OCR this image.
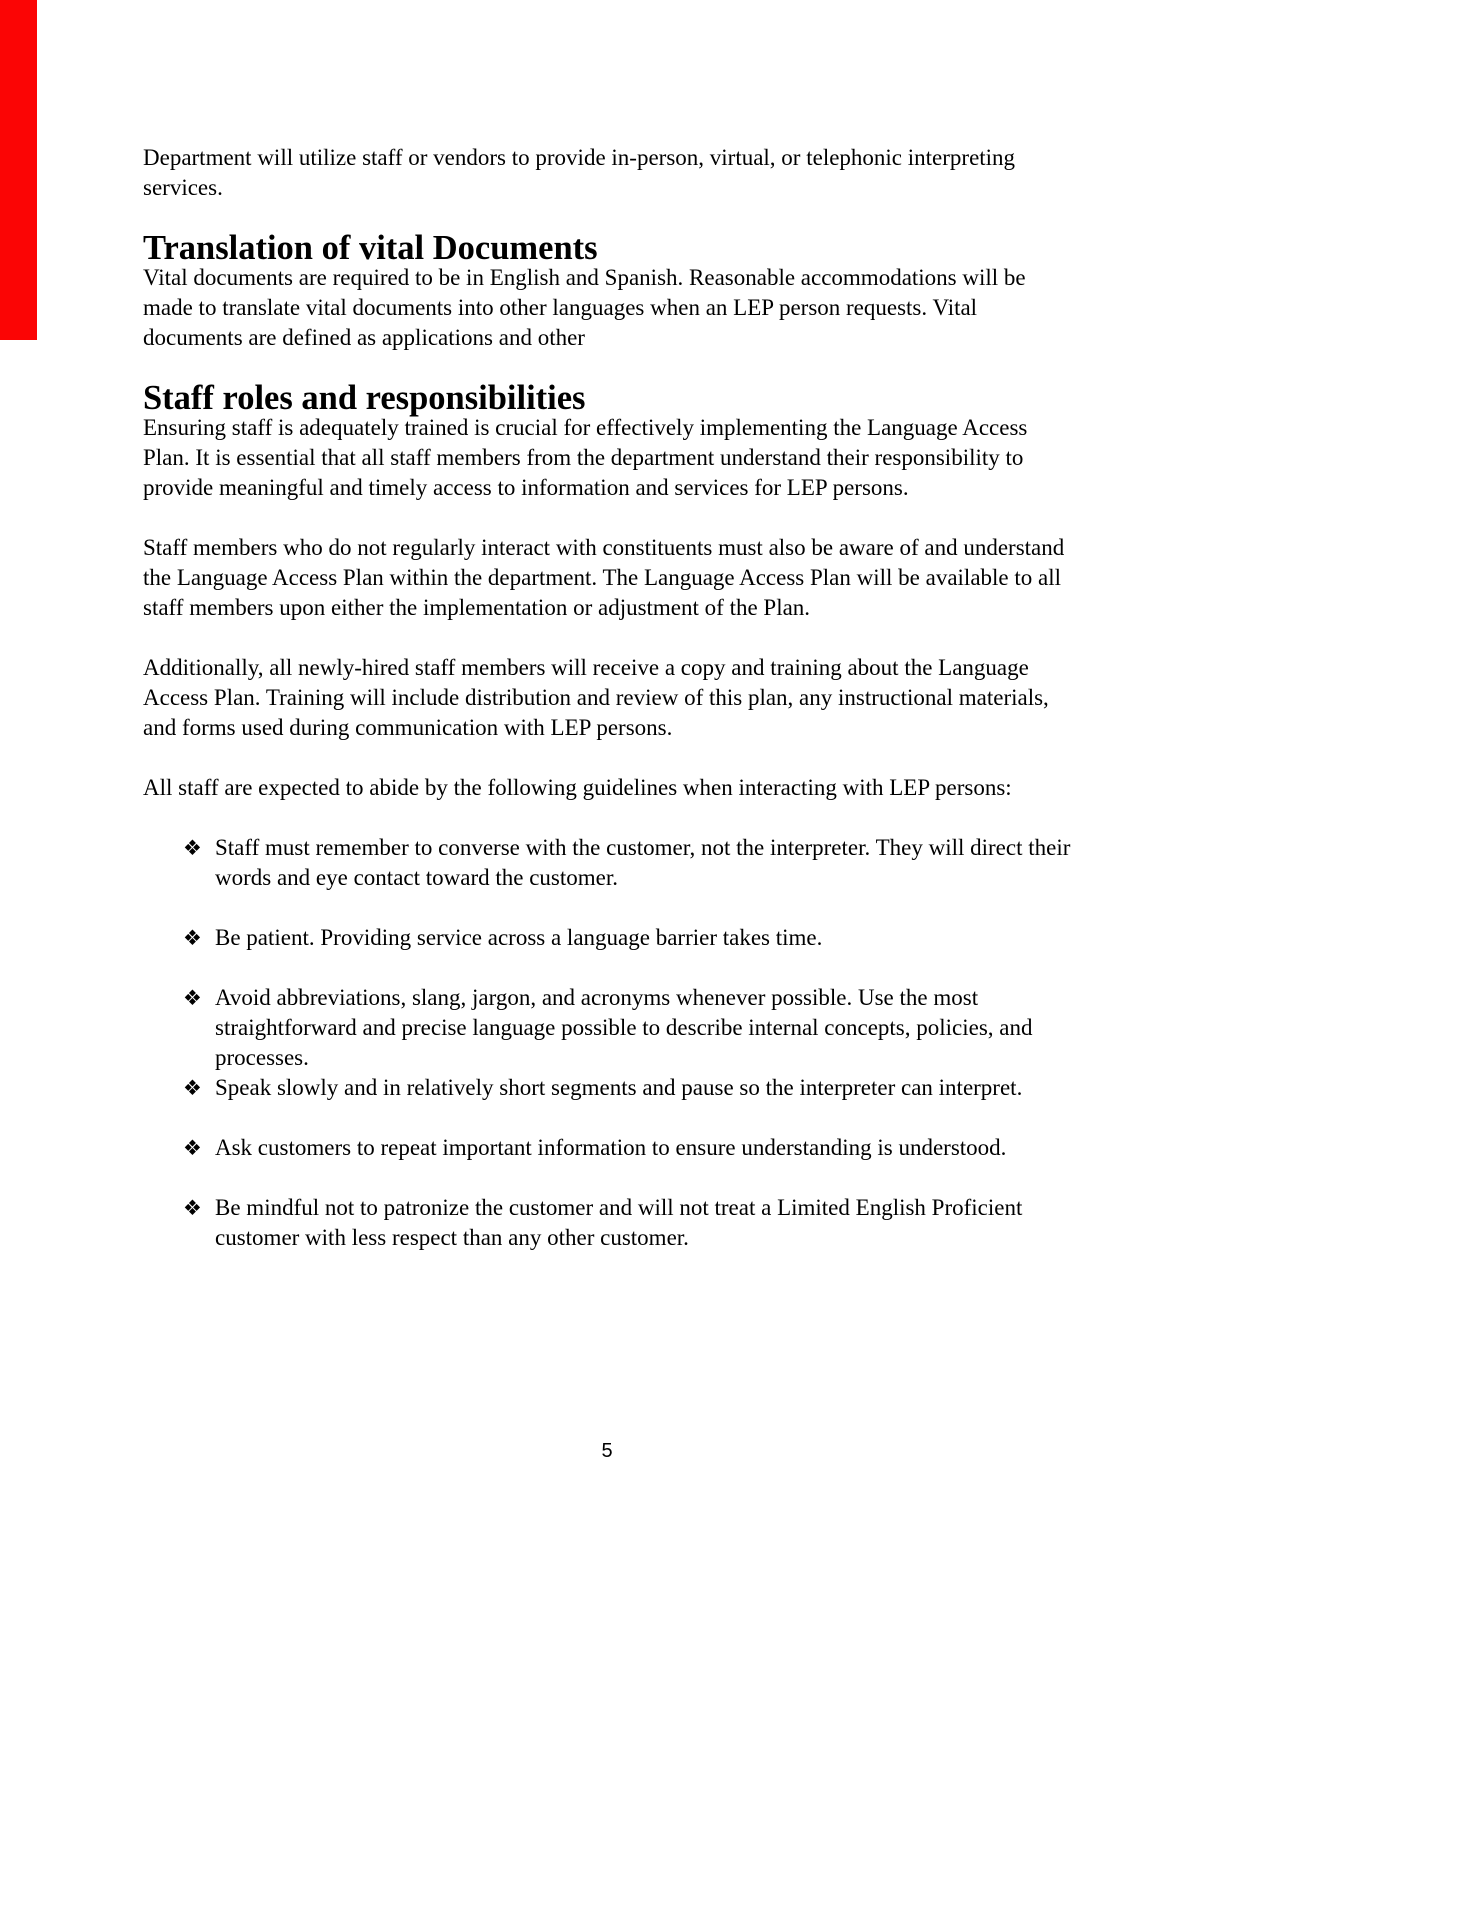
Department will utilize staff or vendors to provide in-person, virtual, or telephonic interpreting services.

Translation of vital Documents

Vital documents are required to be in English and Spanish. Reasonable accommodations will be made to translate vital documents into other languages when an LEP person requests. Vital documents are defined as applications and other

Staff roles and responsibilities

Ensuring staff is adequately trained is crucial for effectively implementing the Language Access Plan. It is essential that all staff members from the department understand their responsibility to provide meaningful and timely access to information and services for LEP persons.

Staff members who do not regularly interact with constituents must also be aware of and understand the Language Access Plan within the department. The Language Access Plan will be available to all staff members upon either the implementation or adjustment of the Plan.

Additionally, all newly-hired staff members will receive a copy and training about the Language Access Plan. Training will include distribution and review of this plan, any instructional materials, and forms used during communication with LEP persons.

All staff are expected to abide by the following guidelines when interacting with LEP persons:

❖ Staff must remember to converse with the customer, not the interpreter. They will direct their words and eye contact toward the customer.
❖ Be patient. Providing service across a language barrier takes time.
❖ Avoid abbreviations, slang, jargon, and acronyms whenever possible. Use the most straightforward and precise language possible to describe internal concepts, policies, and processes.
❖ Speak slowly and in relatively short segments and pause so the interpreter can interpret.
❖ Ask customers to repeat important information to ensure understanding is understood.
❖ Be mindful not to patronize the customer and will not treat a Limited English Proficient customer with less respect than any other customer.
5
